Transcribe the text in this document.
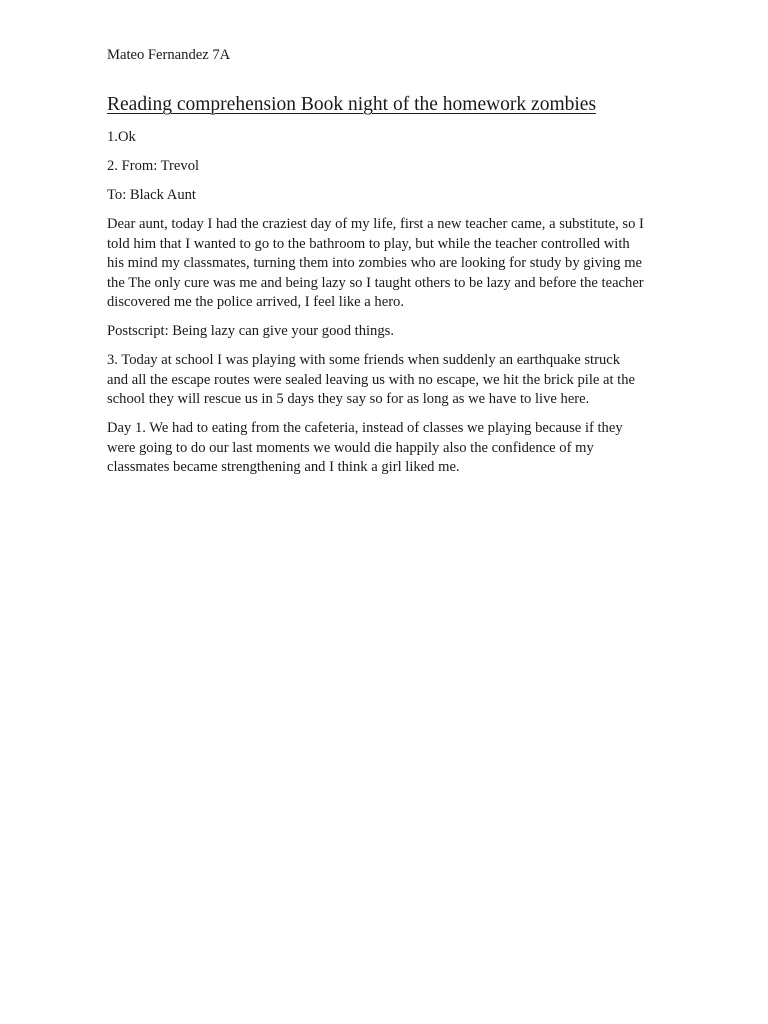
Mateo Fernandez 7A
Reading comprehension Book night of the homework zombies

1.Ok

2. From: Trevol

To: Black Aunt

Dear aunt, today I had the craziest day of my life, first a new teacher came, a substitute, so I
told him that I wanted to go to the bathroom to play, but while the teacher controlled with
his mind my classmates, turning them into zombies who are looking for study by giving me
the The only cure was me and being lazy so I taught others to be lazy and before the teacher
discovered me the police arrived, I feel like a hero.

Postscript: Being lazy can give your good things.

3. Today at school I was playing with some friends when suddenly an earthquake struck
and all the escape routes were sealed leaving us with no escape, we hit the brick pile at the
school they will rescue us in 5 days they say so for as long as we have to live here.
Day 1. We had to eating from the cafeteria, instead of classes we playing because if they
were going to do our last moments we would die happily also the confidence of my
classmates became strengthening and I think a girl liked me.
